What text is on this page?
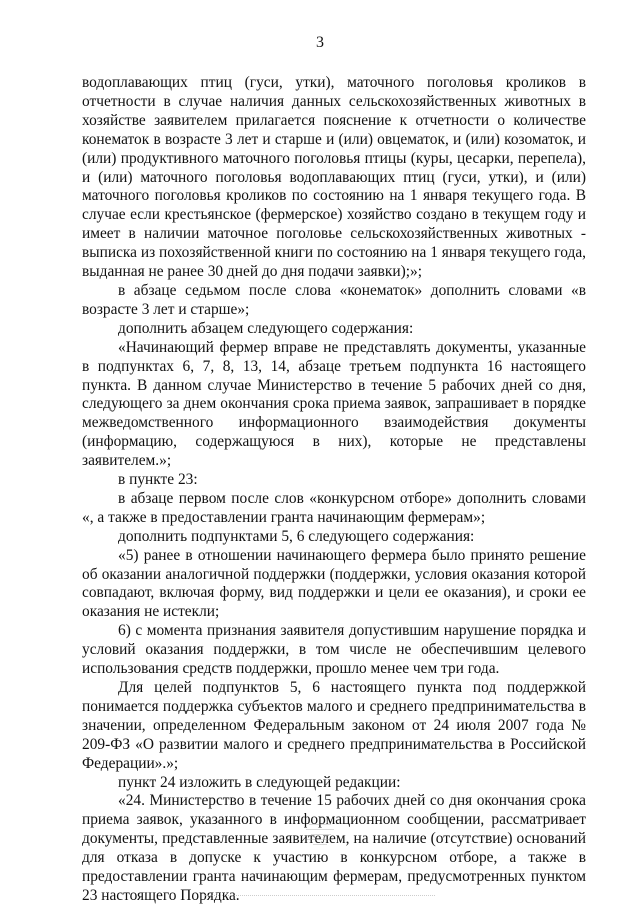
3

водоплавающих птиц (гуси, утки), маточного поголовья кроликов в отчетности в случае наличия данных сельскохозяйственных животных в хозяйстве заявителем прилагается пояснение к отчетности о количестве конематок в возрасте 3 лет и старше и (или) овцематок, и (или) козоматок, и (или) продуктивного маточного поголовья птицы (куры, цесарки, перепела), и (или) маточного поголовья водоплавающих птиц (гуси, утки), и (или) маточного поголовья кроликов по состоянию на 1 января текущего года. В случае если крестьянское (фермерское) хозяйство создано в текущем году и имеет в наличии маточное поголовье сельскохозяйственных животных - выписка из похозяйственной книги по состоянию на 1 января текущего года, выданная не ранее 30 дней до дня подачи заявки);»;

в абзаце седьмом после слова «конематок» дополнить словами «в возрасте 3 лет и старше»;

дополнить абзацем следующего содержания:

«Начинающий фермер вправе не представлять документы, указанные в подпунктах 6, 7, 8, 13, 14, абзаце третьем подпункта 16 настоящего пункта. В данном случае Министерство в течение 5 рабочих дней со дня, следующего за днем окончания срока приема заявок, запрашивает в порядке межведомственного информационного взаимодействия документы (информацию, содержащуюся в них), которые не представлены заявителем.»;

в пункте 23:

в абзаце первом после слов «конкурсном отборе» дополнить словами «, а также в предоставлении гранта начинающим фермерам»;

дополнить подпунктами 5, 6 следующего содержания:

«5) ранее в отношении начинающего фермера было принято решение об оказании аналогичной поддержки (поддержки, условия оказания которой совпадают, включая форму, вид поддержки и цели ее оказания), и сроки ее оказания не истекли;

6) с момента признания заявителя допустившим нарушение порядка и условий оказания поддержки, в том числе не обеспечившим целевого использования средств поддержки, прошло менее чем три года.

Для целей подпунктов 5, 6 настоящего пункта под поддержкой понимается поддержка субъектов малого и среднего предпринимательства в значении, определенном Федеральным законом от 24 июля 2007 года № 209-ФЗ «О развитии малого и среднего предпринимательства в Российской Федерации».»;

пункт 24 изложить в следующей редакции:

«24. Министерство в течение 15 рабочих дней со дня окончания срока приема заявок, указанного в информационном сообщении, рассматривает документы, представленные заявителем, на наличие (отсутствие) оснований для отказа в допуске к участию в конкурсном отборе, а также в предоставлении гранта начинающим фермерам, предусмотренных пунктом 23 настоящего Порядка.
